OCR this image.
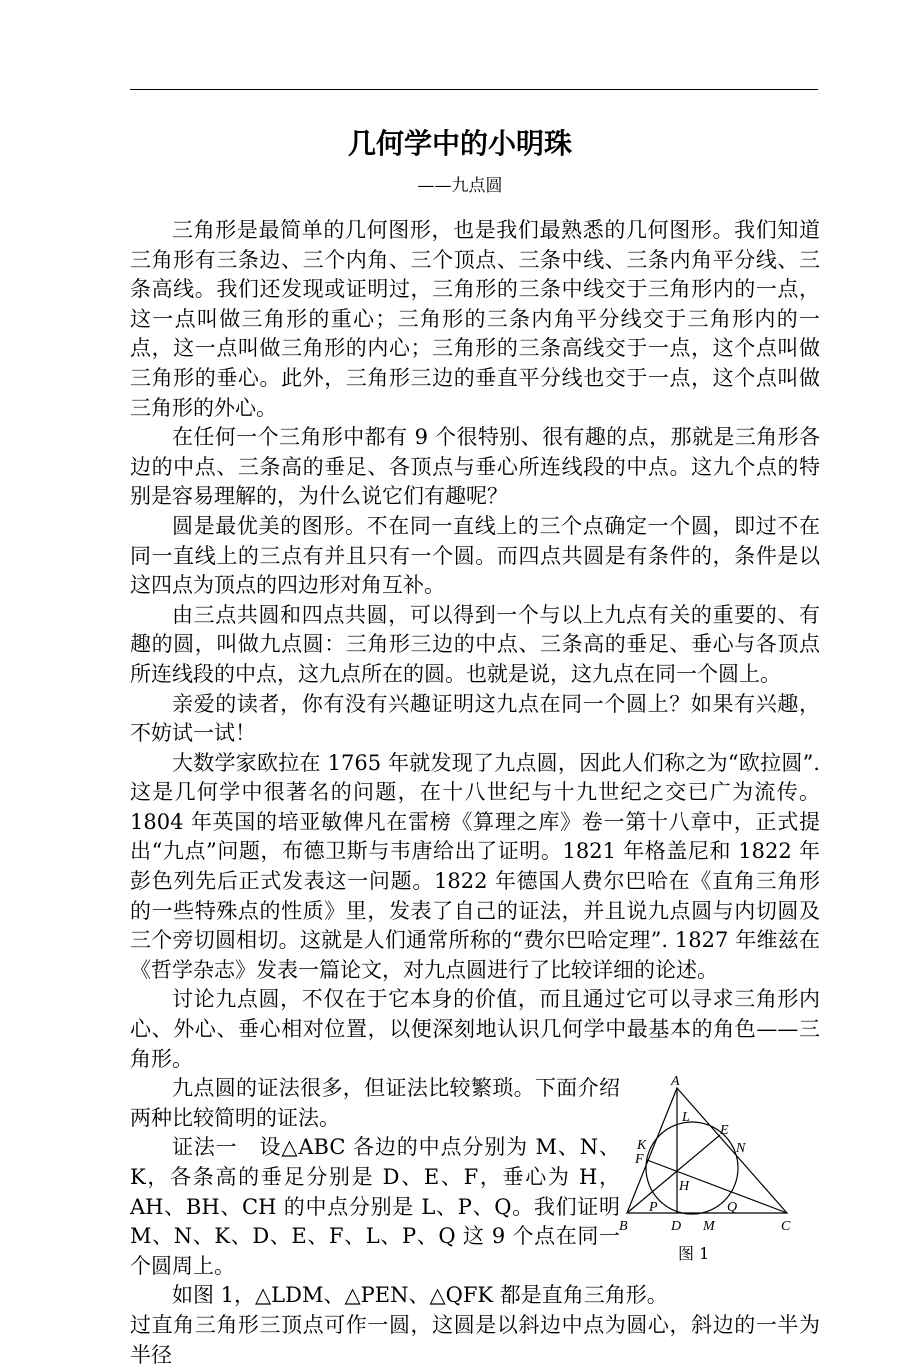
几何学中的小明珠
——九点圆

三角形是最简单的几何图形，也是我们最熟悉的几何图形。我们知道三角形有三条边、三个内角、三个顶点、三条中线、三条内角平分线、三条高线。我们还发现或证明过，三角形的三条中线交于三角形内的一点，这一点叫做三角形的重心；三角形的三条内角平分线交于三角形内的一点，这一点叫做三角形的内心；三角形的三条高线交于一点，这个点叫做三角形的垂心。此外，三角形三边的垂直平分线也交于一点，这个点叫做三角形的外心。

在任何一个三角形中都有 9 个很特别、很有趣的点，那就是三角形各边的中点、三条高的垂足、各顶点与垂心所连线段的中点。这九个点的特别是容易理解的，为什么说它们有趣呢？

圆是最优美的图形。不在同一直线上的三个点确定一个圆，即过不在同一直线上的三点有并且只有一个圆。而四点共圆是有条件的，条件是以这四点为顶点的四边形对角互补。

由三点共圆和四点共圆，可以得到一个与以上九点有关的重要的、有趣的圆，叫做九点圆：三角形三边的中点、三条高的垂足、垂心与各顶点所连线段的中点，这九点所在的圆。也就是说，这九点在同一个圆上。

亲爱的读者，你有没有兴趣证明这九点在同一个圆上？如果有兴趣，不妨试一试！

大数学家欧拉在 1765 年就发现了九点圆，因此人们称之为“欧拉圆”. 这是几何学中很著名的问题，在十八世纪与十九世纪之交已广为流传。1804 年英国的培亚敏俾凡在雷榜《算理之库》卷一第十八章中，正式提出“九点”问题，布德卫斯与韦唐给出了证明。1821 年格盖尼和 1822 年彭色列先后正式发表这一问题。1822 年德国人费尔巴哈在《直角三角形的一些特殊点的性质》里，发表了自己的证法，并且说九点圆与内切圆及三个旁切圆相切。这就是人们通常所称的“费尔巴哈定理”. 1827 年维兹在《哲学杂志》发表一篇论文，对九点圆进行了比较详细的论述。

讨论九点圆，不仅在于它本身的价值，而且通过它可以寻求三角形内心、外心、垂心相对位置，以便深刻地认识几何学中最基本的角色——三角形。

A
L
E
N
K
F
H
P	Q
B	D M	C
图 1

九点圆的证法很多，但证法比较繁琐。下面介绍两种比较简明的证法。

证法一　设△ABC 各边的中点分别为 M、N、K，各条高的垂足分别是 D、E、F，垂心为 H，AH、BH、CH 的中点分别是 L、P、Q。我们证明 M、N、K、D、E、F、L、P、Q 这 9 个点在同一个圆周上。

如图 1，△LDM、△PEN、△QFK 都是直角三角形。

过直角三角形三顶点可作一圆，这圆是以斜边中点为圆心，斜边的一半为半径
